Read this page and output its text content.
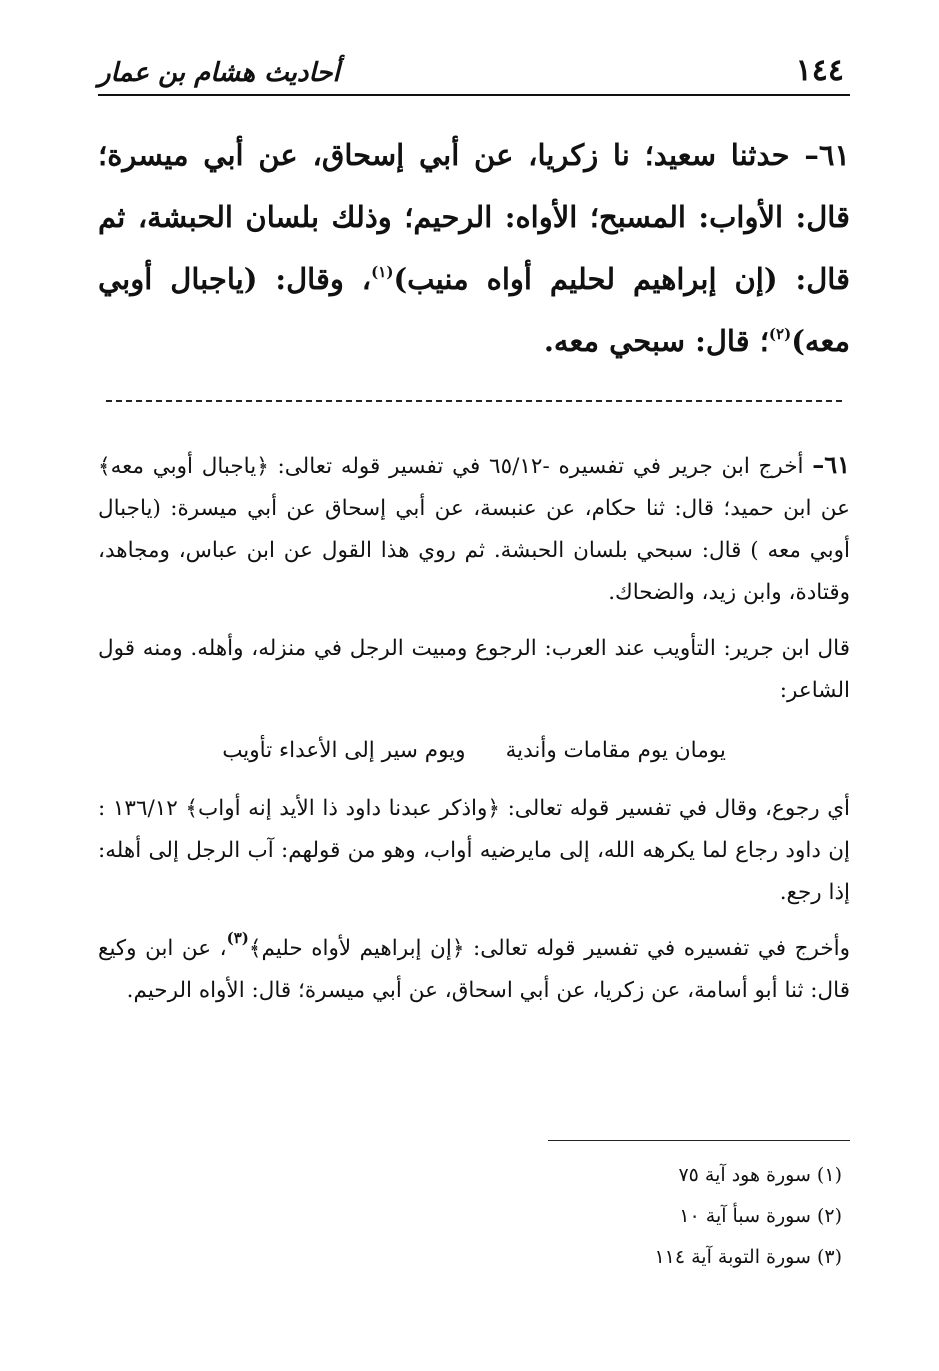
١٤٤
أحاديث هشام بن عمار
٦١– حدثنا سعيد؛ نا زكريا، عن أبي إسحاق، عن أبي ميسرة؛ قال: الأواب: المسبح؛ الأواه: الرحيم؛ وذلك بلسان الحبشة، ثم قال: (إن إبراهيم لحليم أواه منيب)$^{(١)}$، وقال: (ياجبال أوبي معه)$^{(٢)}$؛ قال: سبحي معه.

٦١– أخرج ابن جرير في تفسيره -٦٥/١٢ في تفسير قوله تعالى: ﴿ياجبال أوبي معه﴾ عن ابن حميد؛ قال: ثنا حكام، عن عنبسة، عن أبي إسحاق عن أبي ميسرة: (ياجبال أوبي معه ) قال: سبحي بلسان الحبشة. ثم روي هذا القول عن ابن عباس، ومجاهد، وقتادة، وابن زيد، والضحاك.

قال ابن جرير: التأويب عند العرب: الرجوع ومبيت الرجل في منزله، وأهله. ومنه قول الشاعر:

يومان يوم مقامات وأندية
ويوم سير إلى الأعداء تأويب

أي رجوع، وقال في تفسير قوله تعالى: ﴿واذكر عبدنا داود ذا الأيد إنه أواب﴾ ١٣٦/١٢ : إن داود رجاع لما يكرهه الله، إلى مايرضيه أواب، وهو من قولهم: آب الرجل إلى أهله: إذا رجع.

وأخرج في تفسيره في تفسير قوله تعالى: ﴿إن إبراهيم لأواه حليم﴾$^{(٣)}$، عن ابن وكيع قال: ثنا أبو أسامة، عن زكريا، عن أبي اسحاق، عن أبي ميسرة؛ قال: الأواه الرحيم.

(١) سورة هود آية ٧٥
(٢) سورة سبأ آية ١٠
(٣) سورة التوبة آية ١١٤
